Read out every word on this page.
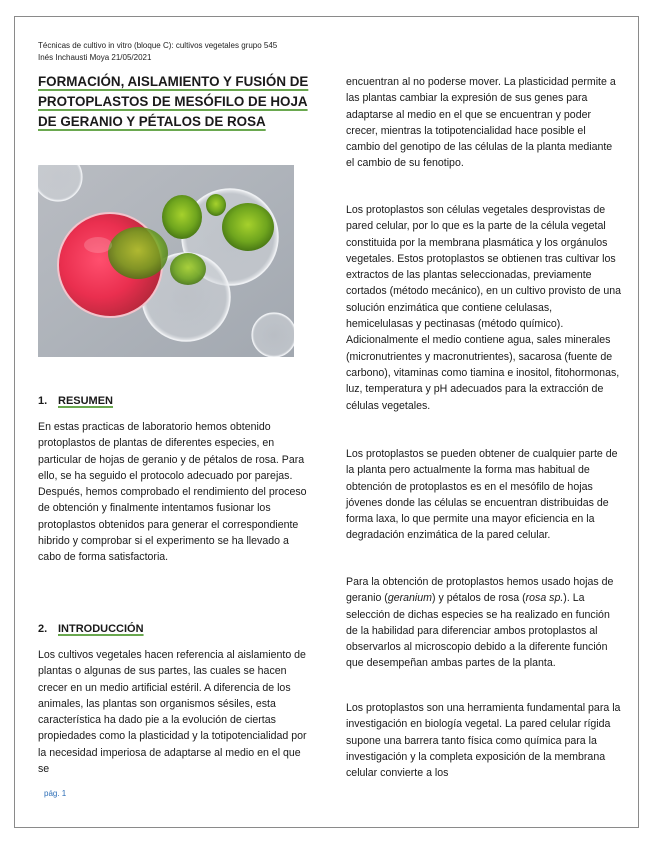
Técnicas de cultivo in vitro (bloque C): cultivos vegetales grupo 545
Inés Inchausti Moya 21/05/2021
FORMACIÓN, AISLAMIENTO Y FUSIÓN DE PROTOPLASTOS DE MESÓFILO DE HOJA DE GERANIO Y PÉTALOS DE ROSA
1. RESUMEN

En estas practicas de laboratorio hemos obtenido protoplastos de plantas de diferentes especies, en particular de hojas de geranio y de pétalos de rosa. Para ello, se ha seguido el protocolo adecuado por parejas. Después, hemos comprobado el rendimiento del proceso de obtención y finalmente intentamos fusionar los protoplastos obtenidos para generar el correspondiente hibrido y comprobar si el experimento se ha llevado a cabo de forma satisfactoria.

2. INTRODUCCIÓN

Los cultivos vegetales hacen referencia al aislamiento de plantas o algunas de sus partes, las cuales se hacen crecer en un medio artificial estéril. A diferencia de los animales, las plantas son organismos sésiles, esta característica ha dado pie a la evolución de ciertas propiedades como la plasticidad y la totipotencialidad por la necesidad imperiosa de adaptarse al medio en el que se

encuentran al no poderse mover. La plasticidad permite a las plantas cambiar la expresión de sus genes para adaptarse al medio en el que se encuentran y poder crecer, mientras la totipotencialidad hace posible el cambio del genotipo de las células de la planta mediante el cambio de su fenotipo.

Los protoplastos son células vegetales desprovistas de pared celular, por lo que es la parte de la célula vegetal constituida por la membrana plasmática y los orgánulos vegetales. Estos protoplastos se obtienen tras cultivar los extractos de las plantas seleccionadas, previamente cortados (método mecánico), en un cultivo provisto de una solución enzimática que contiene celulasas, hemicelulasas y pectinasas (método químico). Adicionalmente el medio contiene agua, sales minerales (micronutrientes y macronutrientes), sacarosa (fuente de carbono), vitaminas como tiamina e inositol, fitohormonas, luz, temperatura y pH adecuados para la extracción de células vegetales.

Los protoplastos se pueden obtener de cualquier parte de la planta pero actualmente la forma mas habitual de obtención de protoplastos es en el mesófilo de hojas jóvenes donde las células se encuentran distribuidas de forma laxa, lo que permite una mayor eficiencia en la degradación enzimática de la pared celular.

Para la obtención de protoplastos hemos usado hojas de geranio (geranium) y pétalos de rosa (rosa sp.). La selección de dichas especies se ha realizado en función de la habilidad para diferenciar ambos protoplastos al observarlos al microscopio debido a la diferente función que desempeñan ambas partes de la planta.

Los protoplastos son una herramienta fundamental para la investigación en biología vegetal. La pared celular rígida supone una barrera tanto física como química para la investigación y la completa exposición de la membrana celular convierte a los

pág. 1
